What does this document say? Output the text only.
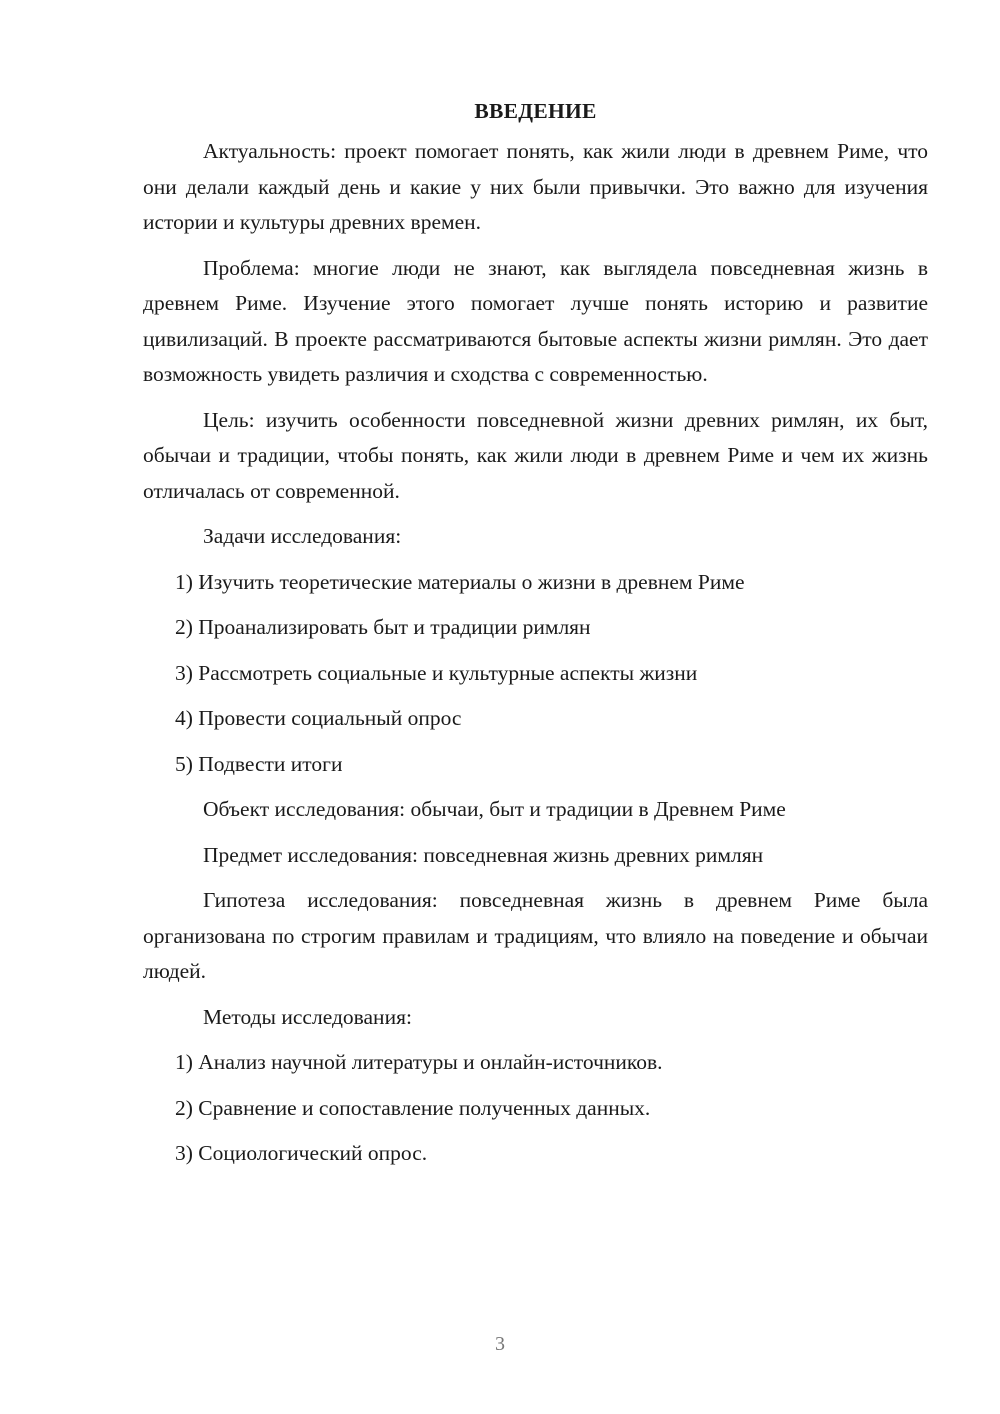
ВВЕДЕНИЕ

Актуальность: проект помогает понять, как жили люди в древнем Риме, что они делали каждый день и какие у них были привычки. Это важно для изучения истории и культуры древних времен.

Проблема: многие люди не знают, как выглядела повседневная жизнь в древнем Риме. Изучение этого помогает лучше понять историю и развитие цивилизаций. В проекте рассматриваются бытовые аспекты жизни римлян. Это дает возможность увидеть различия и сходства с современностью.

Цель: изучить особенности повседневной жизни древних римлян, их быт, обычаи и традиции, чтобы понять, как жили люди в древнем Риме и чем их жизнь отличалась от современной.

Задачи исследования:

1) Изучить теоретические материалы о жизни в древнем Риме

2) Проанализировать быт и традиции римлян

3) Рассмотреть социальные и культурные аспекты жизни

4) Провести социальный опрос

5) Подвести итоги

Объект исследования: обычаи, быт и традиции в Древнем Риме

Предмет исследования: повседневная жизнь древних римлян

Гипотеза исследования: повседневная жизнь в древнем Риме была организована по строгим правилам и традициям, что влияло на поведение и обычаи людей.

Методы исследования:

1) Анализ научной литературы и онлайн-источников.

2) Сравнение и сопоставление полученных данных.

3) Социологический опрос.

3
